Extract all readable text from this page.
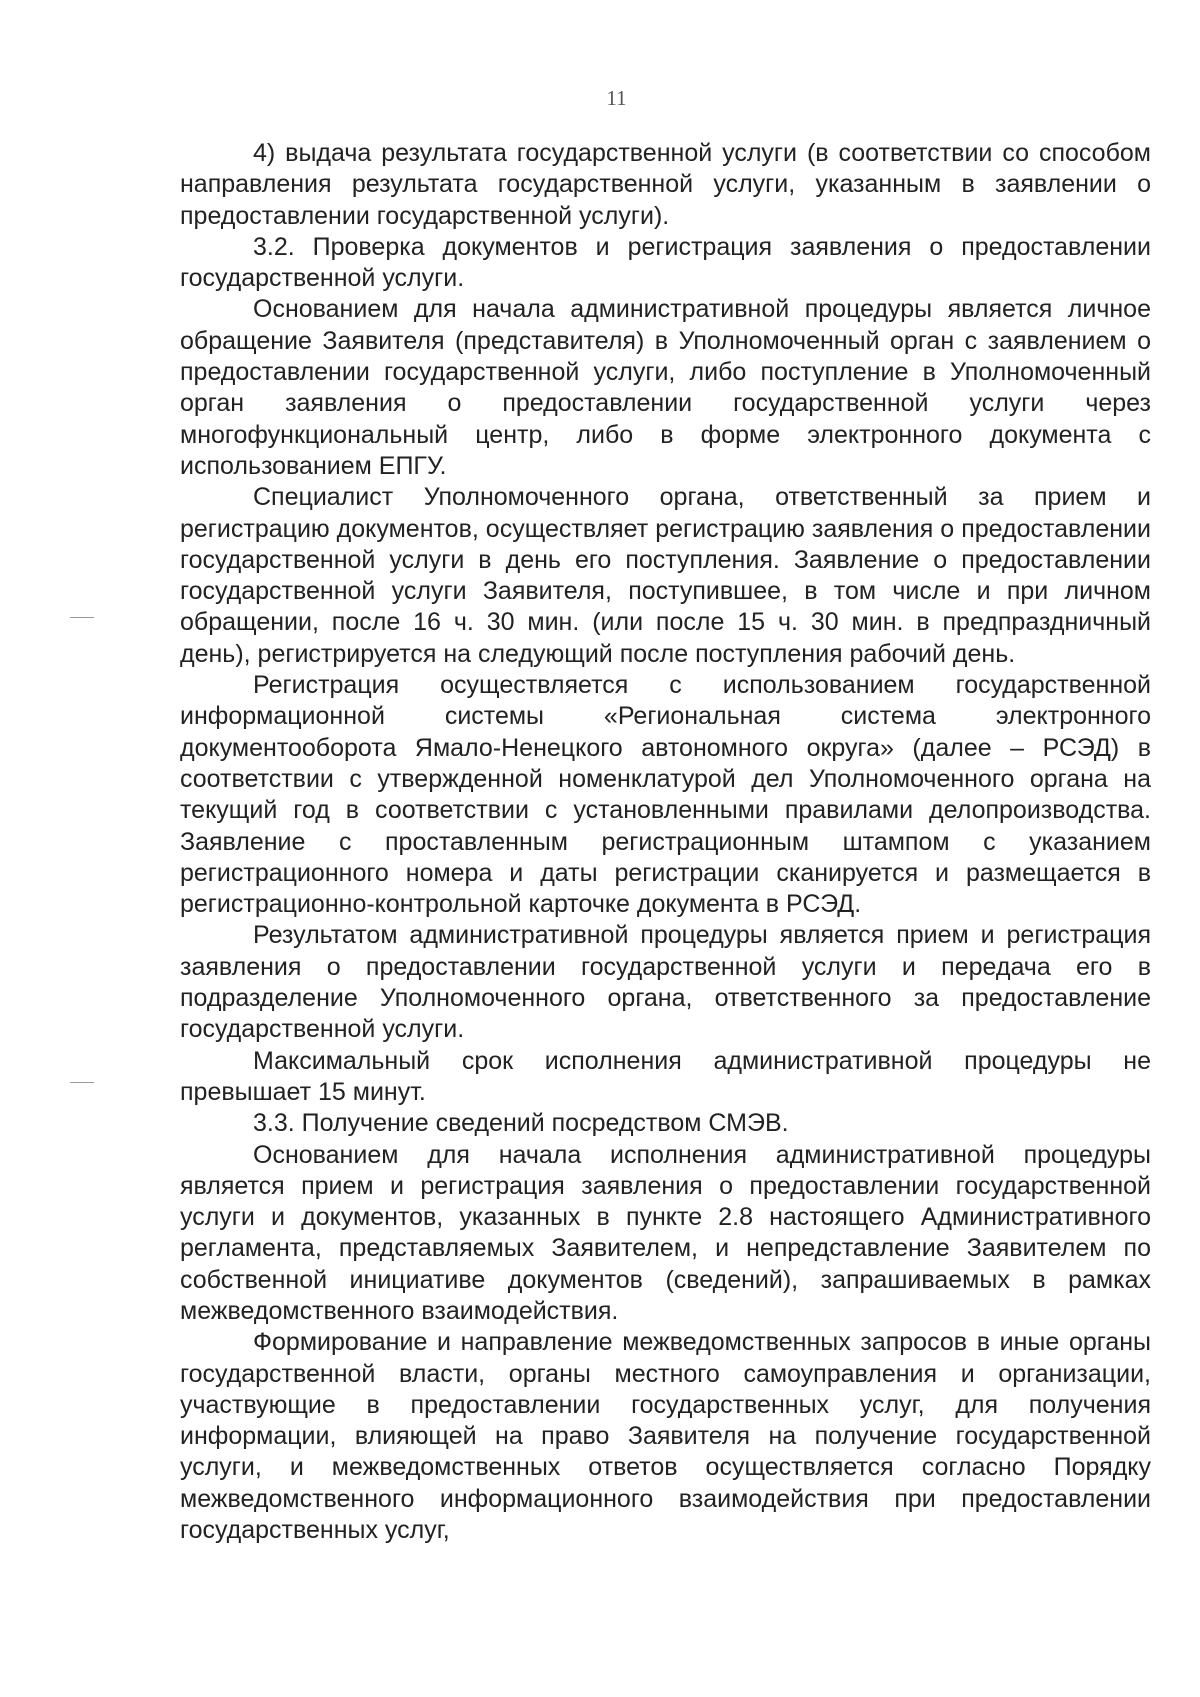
11

4) выдача результата государственной услуги (в соответствии со способом направления результата государственной услуги, указанным в заявлении о предоставлении государственной услуги).

3.2. Проверка документов и регистрация заявления о предоставлении государственной услуги.

Основанием для начала административной процедуры является личное обращение Заявителя (представителя) в Уполномоченный орган с заявлением о предоставлении государственной услуги, либо поступление в Уполномоченный орган заявления о предоставлении государственной услуги через многофункциональный центр, либо в форме электронного документа с использованием ЕПГУ.

Специалист Уполномоченного органа, ответственный за прием и регистрацию документов, осуществляет регистрацию заявления о предоставлении государственной услуги в день его поступления. Заявление о предоставлении государственной услуги Заявителя, поступившее, в том числе и при личном обращении, после 16 ч. 30 мин. (или после 15 ч. 30 мин. в предпраздничный день), регистрируется на следующий после поступления рабочий день.

Регистрация осуществляется с использованием государственной информационной системы «Региональная система электронного документооборота Ямало-Ненецкого автономного округа» (далее – РСЭД) в соответствии с утвержденной номенклатурой дел Уполномоченного органа на текущий год в соответствии с установленными правилами делопроизводства. Заявление с проставленным регистрационным штампом с указанием регистрационного номера и даты регистрации сканируется и размещается в регистрационно-контрольной карточке документа в РСЭД.

Результатом административной процедуры является прием и регистрация заявления о предоставлении государственной услуги и передача его в подразделение Уполномоченного органа, ответственного за предоставление государственной услуги.

Максимальный срок исполнения административной процедуры не превышает 15 минут.

3.3. Получение сведений посредством СМЭВ.

Основанием для начала исполнения административной процедуры является прием и регистрация заявления о предоставлении государственной услуги и документов, указанных в пункте 2.8 настоящего Административного регламента, представляемых Заявителем, и непредставление Заявителем по собственной инициативе документов (сведений), запрашиваемых в рамках межведомственного взаимодействия.

Формирование и направление межведомственных запросов в иные органы государственной власти, органы местного самоуправления и организации, участвующие в предоставлении государственных услуг, для получения информации, влияющей на право Заявителя на получение государственной услуги, и межведомственных ответов осуществляется согласно Порядку межведомственного информационного взаимодействия при предоставлении государственных услуг,
